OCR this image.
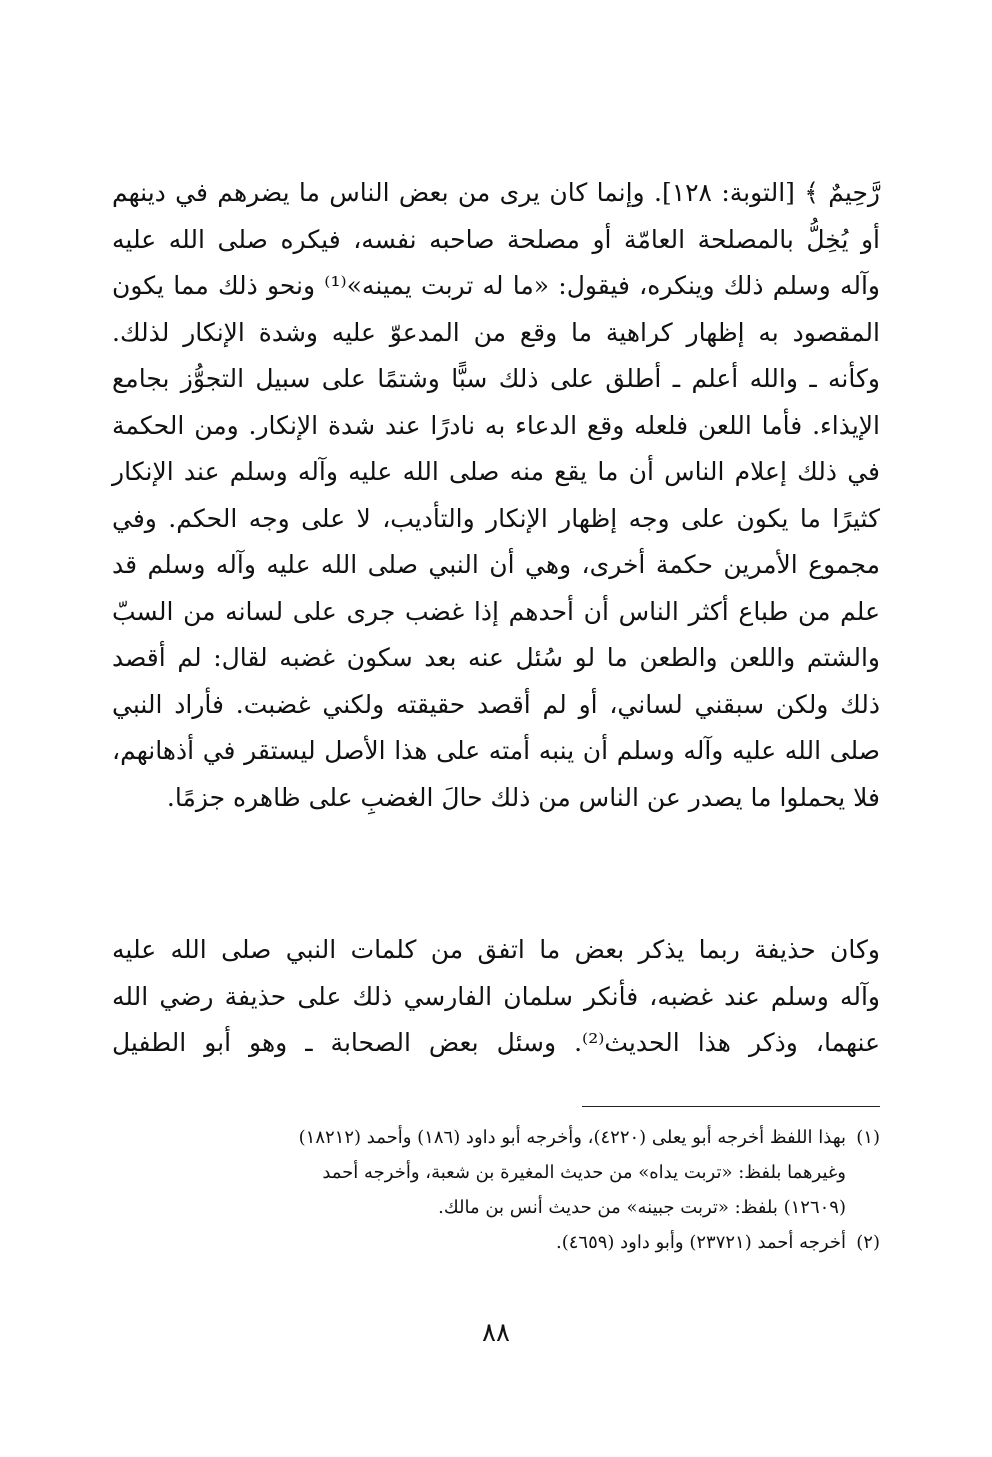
رَّحِيمٌ ﴾ [التوبة: ١٢٨]. وإنما كان يرى من بعض الناس ما يضرهم في دينهم
أو يُخِلُّ بالمصلحة العامّة أو مصلحة صاحبه نفسه، فيكره صلى الله عليه
وآله وسلم ذلك وينكره، فيقول: «ما له تربت يمينه»⁽¹⁾ ونحو ذلك مما يكون
المقصود به إظهار كراهية ما وقع من المدعوّ عليه وشدة الإنكار لذلك.
وكأنه ـ والله أعلم ـ أطلق على ذلك سبًّا وشتمًا على سبيل التجوُّز بجامع
الإيذاء. فأما اللعن فلعله وقع الدعاء به نادرًا عند شدة الإنكار. ومن الحكمة
في ذلك إعلام الناس أن ما يقع منه صلى الله عليه وآله وسلم عند الإنكار
كثيرًا ما يكون على وجه إظهار الإنكار والتأديب، لا على وجه الحكم. وفي
مجموع الأمرين حكمة أخرى، وهي أن النبي صلى الله عليه وآله وسلم قد
علم من طباع أكثر الناس أن أحدهم إذا غضب جرى على لسانه من السبّ
والشتم واللعن والطعن ما لو سُئل عنه بعد سكون غضبه لقال: لم أقصد
ذلك ولكن سبقني لساني، أو لم أقصد حقيقته ولكني غضبت. فأراد النبي
صلى الله عليه وآله وسلم أن ينبه أمته على هذا الأصل ليستقر في أذهانهم،
فلا يحملوا ما يصدر عن الناس من ذلك حالَ الغضبِ على ظاهره جزمًا.
وكان حذيفة ربما يذكر بعض ما اتفق من كلمات النبي صلى الله عليه
وآله وسلم عند غضبه، فأنكر سلمان الفارسي ذلك على حذيفة رضي الله
عنهما، وذكر هذا الحديث⁽²⁾. وسئل بعض الصحابة ـ وهو أبو الطفيل
(١)بهذا اللفظ أخرجه أبو يعلى (٤٢٢٠)، وأخرجه أبو داود (١٨٦) وأحمد (١٨٢١٢)
وغيرهما بلفظ: «تربت يداه» من حديث المغيرة بن شعبة، وأخرجه أحمد
(١٢٦٠٩) بلفظ: «تربت جبينه» من حديث أنس بن مالك.
(٢)أخرجه أحمد (٢٣٧٢١) وأبو داود (٤٦٥٩).
٨٨
